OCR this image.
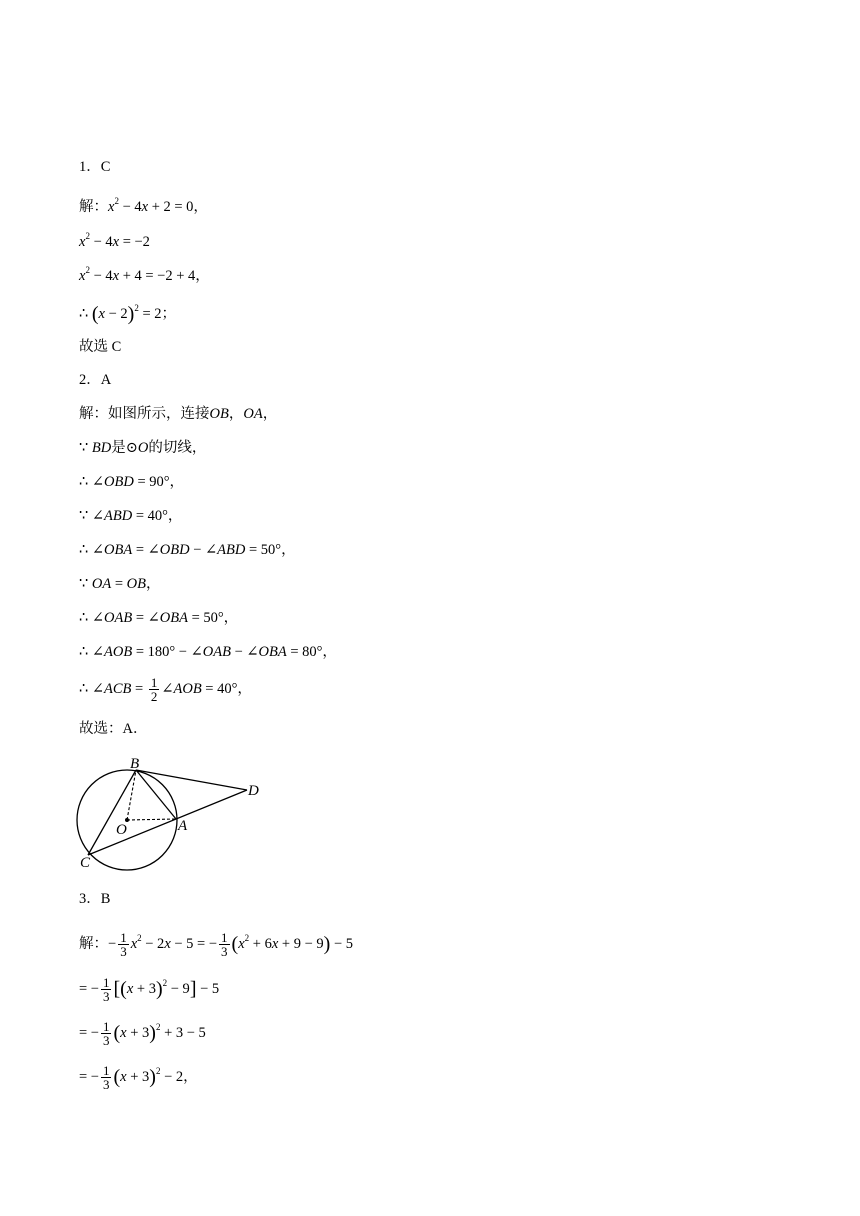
1．C
解：$x^2 - 4x + 2 = 0$，
$x^2 - 4x = -2$
$x^2 - 4x + 4 = -2 + 4$，
∴ $(x - 2)^2 = 2$；
故选 C
2．A
解：如图所示，连接OB，OA，
∵ BD是⊙O的切线，
∴ ∠OBD = 90°，
∵ ∠ABD = 40°，
∴ ∠OBA = ∠OBD − ∠ABD = 50°，
∵ OA = OB，
∴ ∠OAB = ∠OBA = 50°，
∴ ∠AOB = 180° − ∠OAB − ∠OBA = 80°，
∴ ∠ACB = $\frac{1}{2}$ ∠AOB = 40°，
故选：A．
B
D
O	A
C
3．B
解：− $\frac{1}{3} x^2 - 2x - 5$ = − $\frac{1}{3} (x^2 + 6x + 9 - 9) - 5$
= − $\frac{1}{3} [(x + 3)^2 - 9] - 5$
= − $\frac{1}{3} (x + 3)^2 + 3 - 5$
= − $\frac{1}{3} (x + 3)^2 - 2$，
